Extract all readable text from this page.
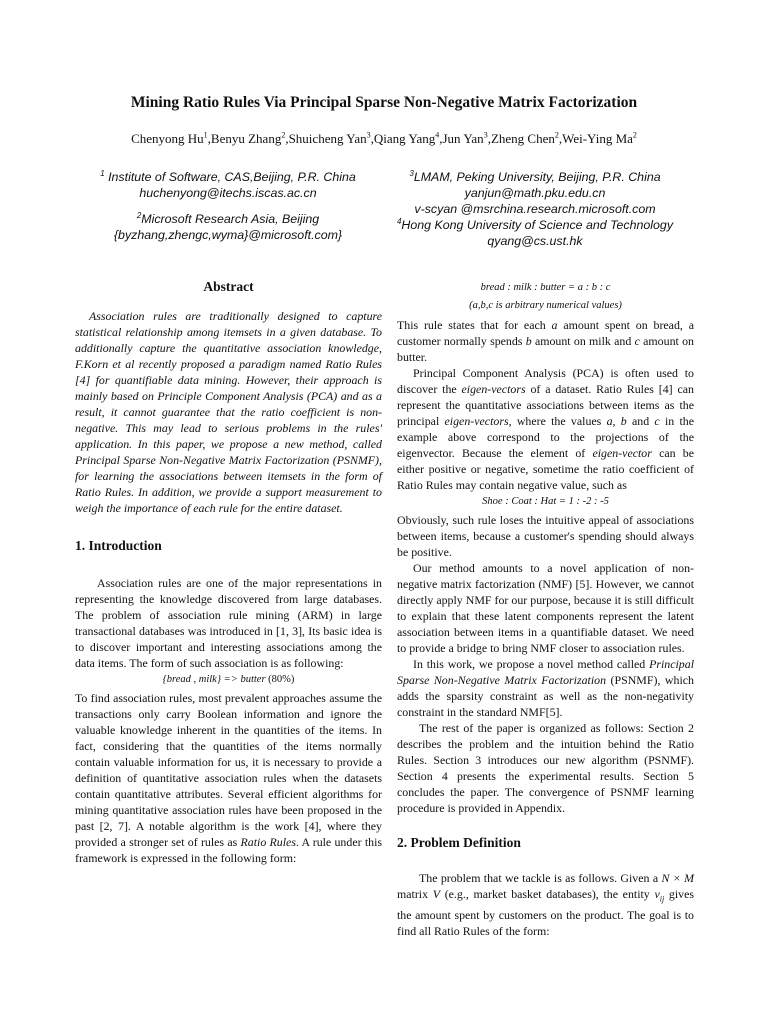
Mining Ratio Rules Via Principal Sparse Non-Negative Matrix Factorization
Chenyong Hu$^1$,Benyu Zhang$^2$,Shuicheng Yan$^3$,Qiang Yang$^4$,Jun Yan$^3$,Zheng Chen$^2$,Wei-Ying Ma$^2$
$^1$ Institute of Software, CAS,Beijing, P.R. China
huchenyong@itechs.iscas.ac.cn
$^2$Microsoft Research Asia, Beijing
{byzhang,zhengc,wyma}@microsoft.com}
$^3$LMAM, Peking University, Beijing, P.R. China
yanjun@math.pku.edu.cn
v-scyan @msrchina.research.microsoft.com
$^4$Hong Kong University of Science and Technology
qyang@cs.ust.hk
Abstract

Association rules are traditionally designed to capture statistical relationship among itemsets in a given database. To additionally capture the quantitative association knowledge, F.Korn et al recently proposed a paradigm named Ratio Rules [4] for quantifiable data mining. However, their approach is mainly based on Principle Component Analysis (PCA) and as a result, it cannot guarantee that the ratio coefficient is non-negative. This may lead to serious problems in the rules' application. In this paper, we propose a new method, called Principal Sparse Non-Negative Matrix Factorization (PSNMF), for learning the associations between itemsets in the form of Ratio Rules. In addition, we provide a support measurement to weigh the importance of each rule for the entire dataset.

1. Introduction

Association rules are one of the major representations in representing the knowledge discovered from large databases. The problem of association rule mining (ARM) in large transactional databases was introduced in [1, 3], Its basic idea is to discover important and interesting associations among the data items. The form of such association is as following:

{bread , milk} => butter (80%)

To find association rules, most prevalent approaches assume the transactions only carry Boolean information and ignore the valuable knowledge inherent in the quantities of the items. In fact, considering that the quantities of the items normally contain valuable information for us, it is necessary to provide a definition of quantitative association rules when the datasets contain quantitative attributes. Several efficient algorithms for mining quantitative association rules have been proposed in the past [2, 7]. A notable algorithm is the work [4], where they provided a stronger set of rules as Ratio Rules. A rule under this framework is expressed in the following form:

bread : milk : butter = a : b : c
(a,b,c is arbitrary numerical values)

This rule states that for each a amount spent on bread, a customer normally spends b amount on milk and c amount on butter.

Principal Component Analysis (PCA) is often used to discover the eigen-vectors of a dataset. Ratio Rules [4] can represent the quantitative associations between items as the principal eigen-vectors, where the values a, b and c in the example above correspond to the projections of the eigenvector. Because the element of eigen-vector can be either positive or negative, sometime the ratio coefficient of Ratio Rules may contain negative value, such as

Shoe : Coat : Hat = 1 : -2 : -5

Obviously, such rule loses the intuitive appeal of associations between items, because a customer's spending should always be positive.

Our method amounts to a novel application of non-negative matrix factorization (NMF) [5]. However, we cannot directly apply NMF for our purpose, because it is still difficult to explain that these latent components represent the latent association between items in a quantifiable dataset. We need to provide a bridge to bring NMF closer to association rules.

In this work, we propose a novel method called Principal Sparse Non-Negative Matrix Factorization (PSNMF), which adds the sparsity constraint as well as the non-negativity constraint in the standard NMF[5].

The rest of the paper is organized as follows: Section 2 describes the problem and the intuition behind the Ratio Rules. Section 3 introduces our new algorithm (PSNMF). Section 4 presents the experimental results. Section 5 concludes the paper. The convergence of PSNMF learning procedure is provided in Appendix.

2. Problem Definition

The problem that we tackle is as follows. Given a N × M matrix V (e.g., market basket databases), the entity $v_{ij}$ gives the amount spent by customers on the product. The goal is to find all Ratio Rules of the form:
